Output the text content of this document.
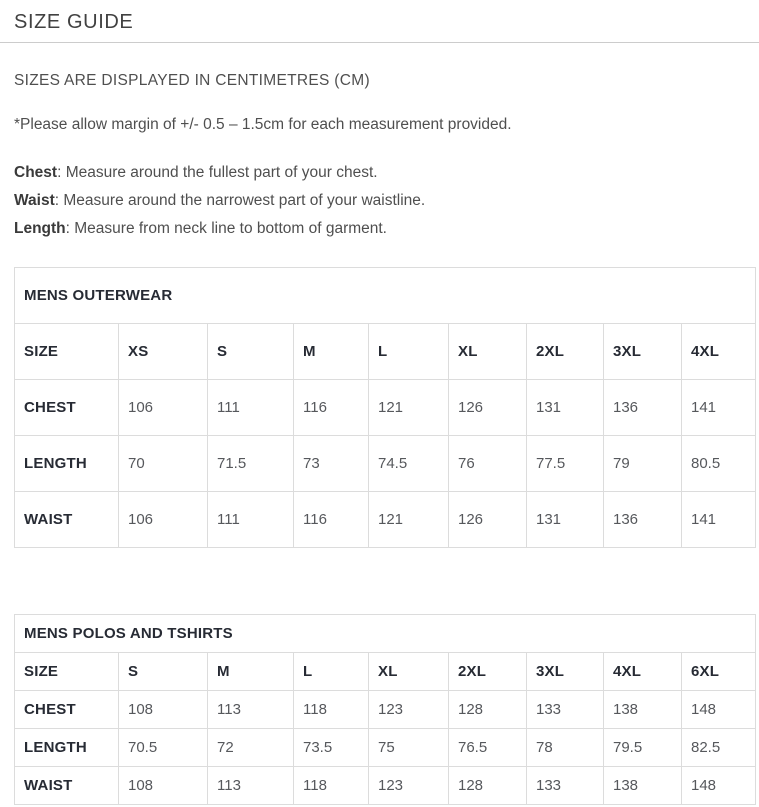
SIZE GUIDE

SIZES ARE DISPLAYED IN CENTIMETRES (CM)

*Please allow margin of +/- 0.5 – 1.5cm for each measurement provided.

Chest: Measure around the fullest part of your chest.

Waist: Measure around the narrowest part of your waistline.

Length: Measure from neck line to bottom of garment.

MENS OUTERWEAR								
SIZE	XS	S	M	L	XL	2XL	3XL	4XL
CHEST	106	111	116	121	126	131	136	141
LENGTH	70	71.5	73	74.5	76	77.5	79	80.5
WAIST	106	111	116	121	126	131	136	141
MENS POLOS AND TSHIRTS								
SIZE	S	M	L	XL	2XL	3XL	4XL	6XL
CHEST	108	113	118	123	128	133	138	148
LENGTH	70.5	72	73.5	75	76.5	78	79.5	82.5
WAIST	108	113	118	123	128	133	138	148
